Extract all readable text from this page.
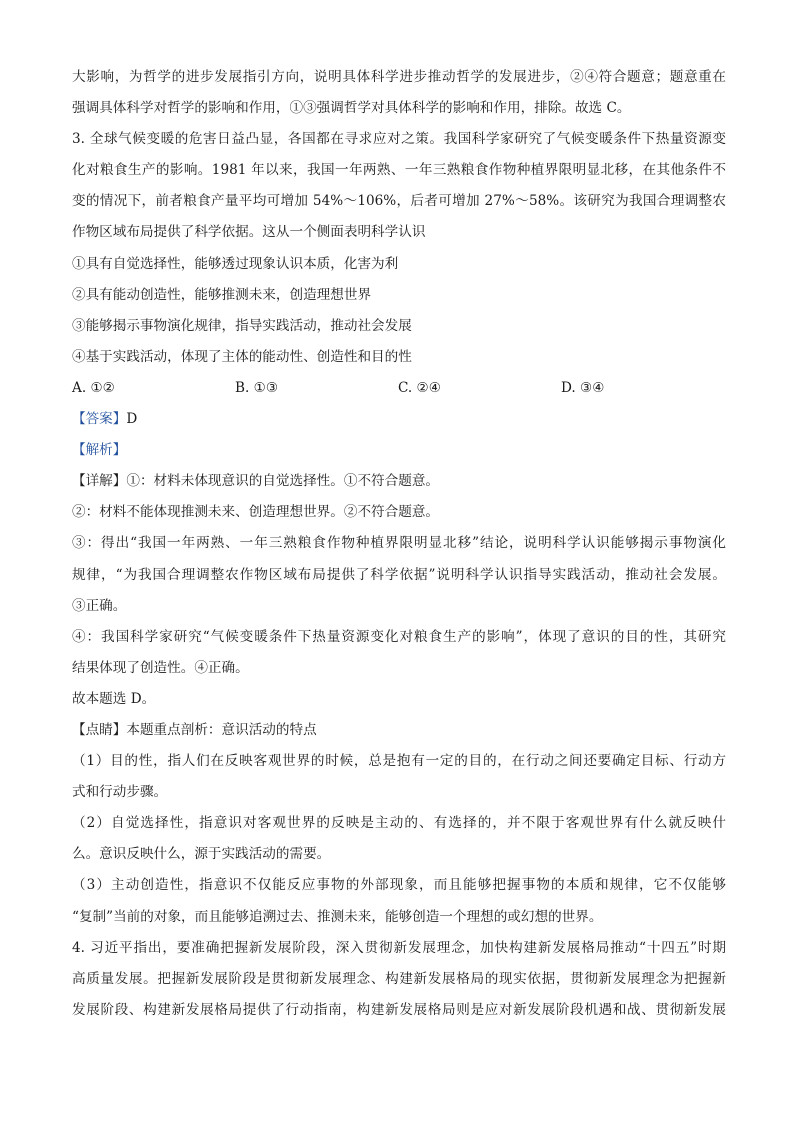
大影响，为哲学的进步发展指引方向，说明具体科学进步推动哲学的发展进步，②④符合题意；题意重在
强调具体科学对哲学的影响和作用，①③强调哲学对具体科学的影响和作用，排除。故选 C。
3. 全球气候变暖的危害日益凸显，各国都在寻求应对之策。我国科学家研究了气候变暖条件下热量资源变
化对粮食生产的影响。1981 年以来，我国一年两熟、一年三熟粮食作物种植界限明显北移，在其他条件不
变的情况下，前者粮食产量平均可增加 54%～106%，后者可增加 27%～58%。该研究为我国合理调整农
作物区域布局提供了科学依据。这从一个侧面表明科学认识
①具有自觉选择性，能够透过现象认识本质，化害为利
②具有能动创造性，能够推测未来，创造理想世界
③能够揭示事物演化规律，指导实践活动，推动社会发展
④基于实践活动，体现了主体的能动性、创造性和目的性
A. ①②	B. ①③	C. ②④	D. ③④
【答案】D
【解析】
【详解】①：材料未体现意识的自觉选择性。①不符合题意。
②：材料不能体现推测未来、创造理想世界。②不符合题意。
③：得出“我国一年两熟、一年三熟粮食作物种植界限明显北移”结论，说明科学认识能够揭示事物演化
规律，“为我国合理调整农作物区域布局提供了科学依据”说明科学认识指导实践活动，推动社会发展。
③正确。
④：我国科学家研究“气候变暖条件下热量资源变化对粮食生产的影响”，体现了意识的目的性，其研究
结果体现了创造性。④正确。
故本题选 D。
【点睛】本题重点剖析：意识活动的特点
（1）目的性，指人们在反映客观世界的时候，总是抱有一定的目的，在行动之间还要确定目标、行动方
式和行动步骤。
（2）自觉选择性，指意识对客观世界的反映是主动的、有选择的，并不限于客观世界有什么就反映什
么。意识反映什么，源于实践活动的需要。
（3）主动创造性，指意识不仅能反应事物的外部现象，而且能够把握事物的本质和规律，它不仅能够
“复制”当前的对象，而且能够追溯过去、推测未来，能够创造一个理想的或幻想的世界。
4. 习近平指出，要准确把握新发展阶段，深入贯彻新发展理念，加快构建新发展格局推动“十四五”时期
高质量发展。把握新发展阶段是贯彻新发展理念、构建新发展格局的现实依据，贯彻新发展理念为把握新
发展阶段、构建新发展格局提供了行动指南，构建新发展格局则是应对新发展阶段机遇和战、贯彻新发展
